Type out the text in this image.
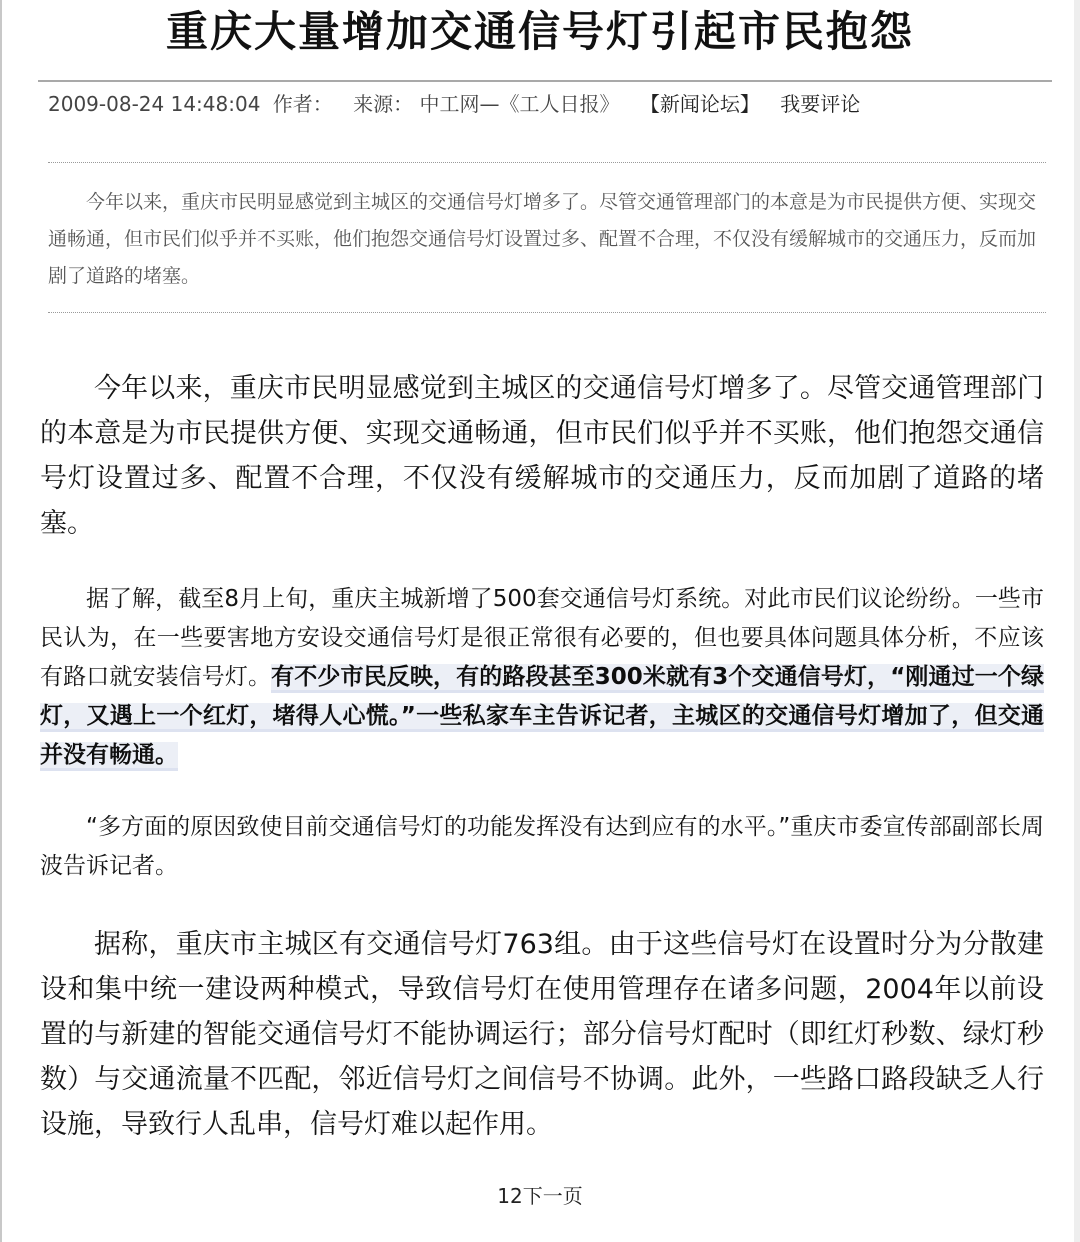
重庆大量增加交通信号灯引起市民抱怨
2009-08-24 14:48:04 作者： 来源： 中工网—《工人日报》 【新闻论坛】 我要评论

今年以来，重庆市民明显感觉到主城区的交通信号灯增多了。尽管交通管理部门的本意是为市民提供方便、实现交通畅通，但市民们似乎并不买账，他们抱怨交通信号灯设置过多、配置不合理，不仅没有缓解城市的交通压力，反而加剧了道路的堵塞。

今年以来，重庆市民明显感觉到主城区的交通信号灯增多了。尽管交通管理部门的本意是为市民提供方便、实现交通畅通，但市民们似乎并不买账，他们抱怨交通信号灯设置过多、配置不合理，不仅没有缓解城市的交通压力，反而加剧了道路的堵塞。

据了解，截至8月上旬，重庆主城新增了500套交通信号灯系统。对此市民们议论纷纷。一些市民认为，在一些要害地方安设交通信号灯是很正常很有必要的，但也要具体问题具体分析，不应该有路口就安装信号灯。有不少市民反映，有的路段甚至300米就有3个交通信号灯，“刚通过一个绿灯，又遇上一个红灯，堵得人心慌。”一些私家车主告诉记者，主城区的交通信号灯增加了，但交通并没有畅通。

“多方面的原因致使目前交通信号灯的功能发挥没有达到应有的水平。”重庆市委宣传部副部长周波告诉记者。

据称，重庆市主城区有交通信号灯763组。由于这些信号灯在设置时分为分散建设和集中统一建设两种模式，导致信号灯在使用管理存在诸多问题，2004年以前设置的与新建的智能交通信号灯不能协调运行；部分信号灯配时（即红灯秒数、绿灯秒数）与交通流量不匹配，邻近信号灯之间信号不协调。此外，一些路口路段缺乏人行设施，导致行人乱串，信号灯难以起作用。

12下一页
